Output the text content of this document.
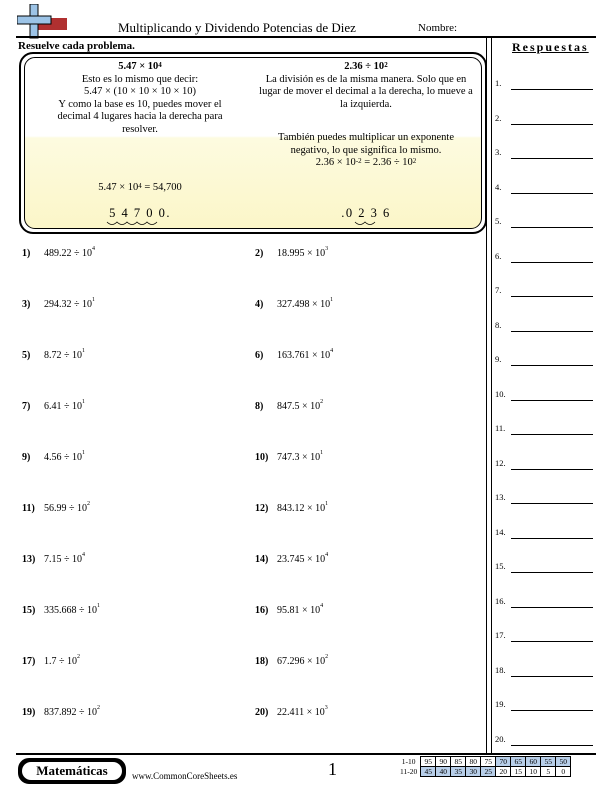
Multiplicando y Dividendo Potencias de Diez	Nombre:
Resuelve cada problema.	Respuestas
1.
2.
3.
4.
5.
6.
7.
8.
9.
10.
11.
12.
13.
14.
15.
16.
17.
18.
19.
20.
$5.47 \times 10^4$
Esto es lo mismo que decir:
5.47 × (10 × 10 × 10 × 10)
Y como la base es 10, puedes mover el
decimal 4 lugares hacia la derecha para
resolver.
$5.47 \times 10^4 = 54,700$
5 4 7 0 0.
$2.36 \div 10^2$
La división es de la misma manera. Solo que en
lugar de mover el decimal a la derecha, lo mueve a
la izquierda.
También puedes multiplicar un exponente
negativo, lo que significa lo mismo.
$2.36 \times 10^{-2} = 2.36 \div 10^2$
.0 2 3 6
1) $489.22 \div 10^4$	2) $18.995 \times 10^3$
3) $294.32 \div 10^1$	4) $327.498 \times 10^1$
5) $8.72 \div 10^1$	6) $163.761 \times 10^4$
7) $6.41 \div 10^1$	8) $847.5 \times 10^2$
9) $4.56 \div 10^1$	10) $747.3 \times 10^1$
11) $56.99 \div 10^2$	12) $843.12 \times 10^1$
13) $7.15 \div 10^4$	14) $23.745 \times 10^4$
15) $335.668 \div 10^1$	16) $95.81 \times 10^4$
17) $1.7 \div 10^2$	18) $67.296 \times 10^2$
19) $837.892 \div 10^2$	20) $22.411 \times 10^3$
Matemáticas	www.CommonCoreSheets.es	1	1-10	95	90	85	80	75	70	65	60	55	50
11-20	45	40	35	30	25	20	15	10	5	0
